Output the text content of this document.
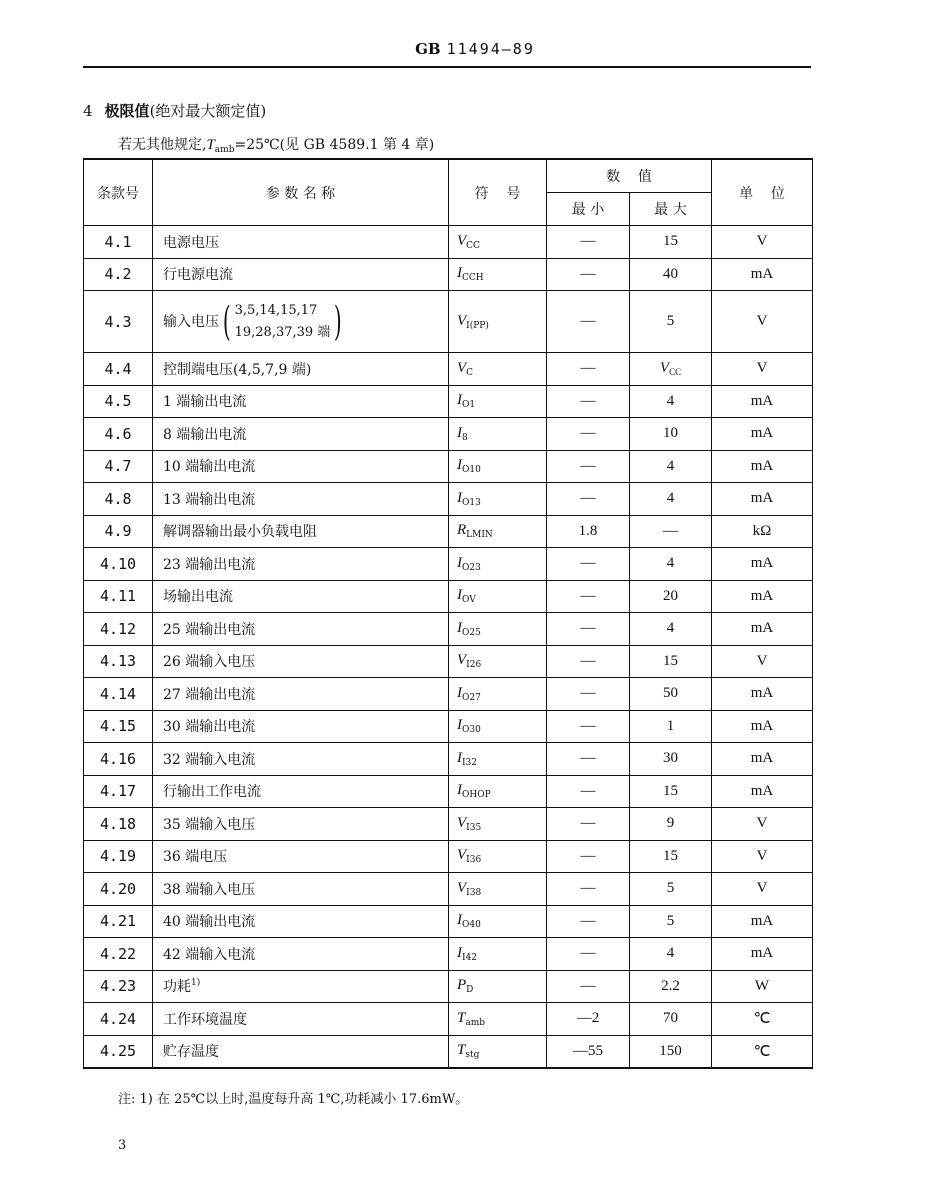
GB 11494—89
4 极限值(绝对最大额定值)
若无其他规定$,T_{amb}=25℃$(见 GB 4589.1 第 4 章)
条款号	参 数 名 称	符    号	数    值		单    位
			最 小	最 大	
4.1	电源电压	$V_{CC}$	—	15	V
4.2	行电源电流	$I_{CCH}$	—	40	mA
4.3	输入电压 ( 3,5,14,15,17
19,28,37,39 端 )	$V_{I(PP)}$	—	5	V
4.4	控制端电压(4,5,7,9 端)	$V_C$	—	$V_{CC}$	V
4.5	1 端输出电流	$I_{O1}$	—	4	mA
4.6	8 端输出电流	$I_8$	—	10	mA
4.7	10 端输出电流	$I_{O10}$	—	4	mA
4.8	13 端输出电流	$I_{O13}$	—	4	mA
4.9	解调器输出最小负载电阻	$R_{LMIN}$	1.8	—	kΩ
4.10	23 端输出电流	$I_{O23}$	—	4	mA
4.11	场输出电流	$I_{OV}$	—	20	mA
4.12	25 端输出电流	$I_{O25}$	—	4	mA
4.13	26 端输入电压	$V_{I26}$	—	15	V
4.14	27 端输出电流	$I_{O27}$	—	50	mA
4.15	30 端输出电流	$I_{O30}$	—	1	mA
4.16	32 端输入电流	$I_{I32}$	—	30	mA
4.17	行输出工作电流	$I_{OHOP}$	—	15	mA
4.18	35 端输入电压	$V_{I35}$	—	9	V
4.19	36 端电压	$V_{I36}$	—	15	V
4.20	38 端输入电压	$V_{I38}$	—	5	V
4.21	40 端输出电流	$I_{O40}$	—	5	mA
4.22	42 端输入电流	$I_{I42}$	—	4	mA
4.23	功耗$^{1)}$	$P_D$	—	2.2	W
4.24	工作环境温度	$T_{amb}$	—2	70	℃
4.25	贮存温度	$T_{stg}$	—55	150	℃
注: 1) 在 25℃以上时,温度每升高 1℃,功耗减小 17.6mW。
3
